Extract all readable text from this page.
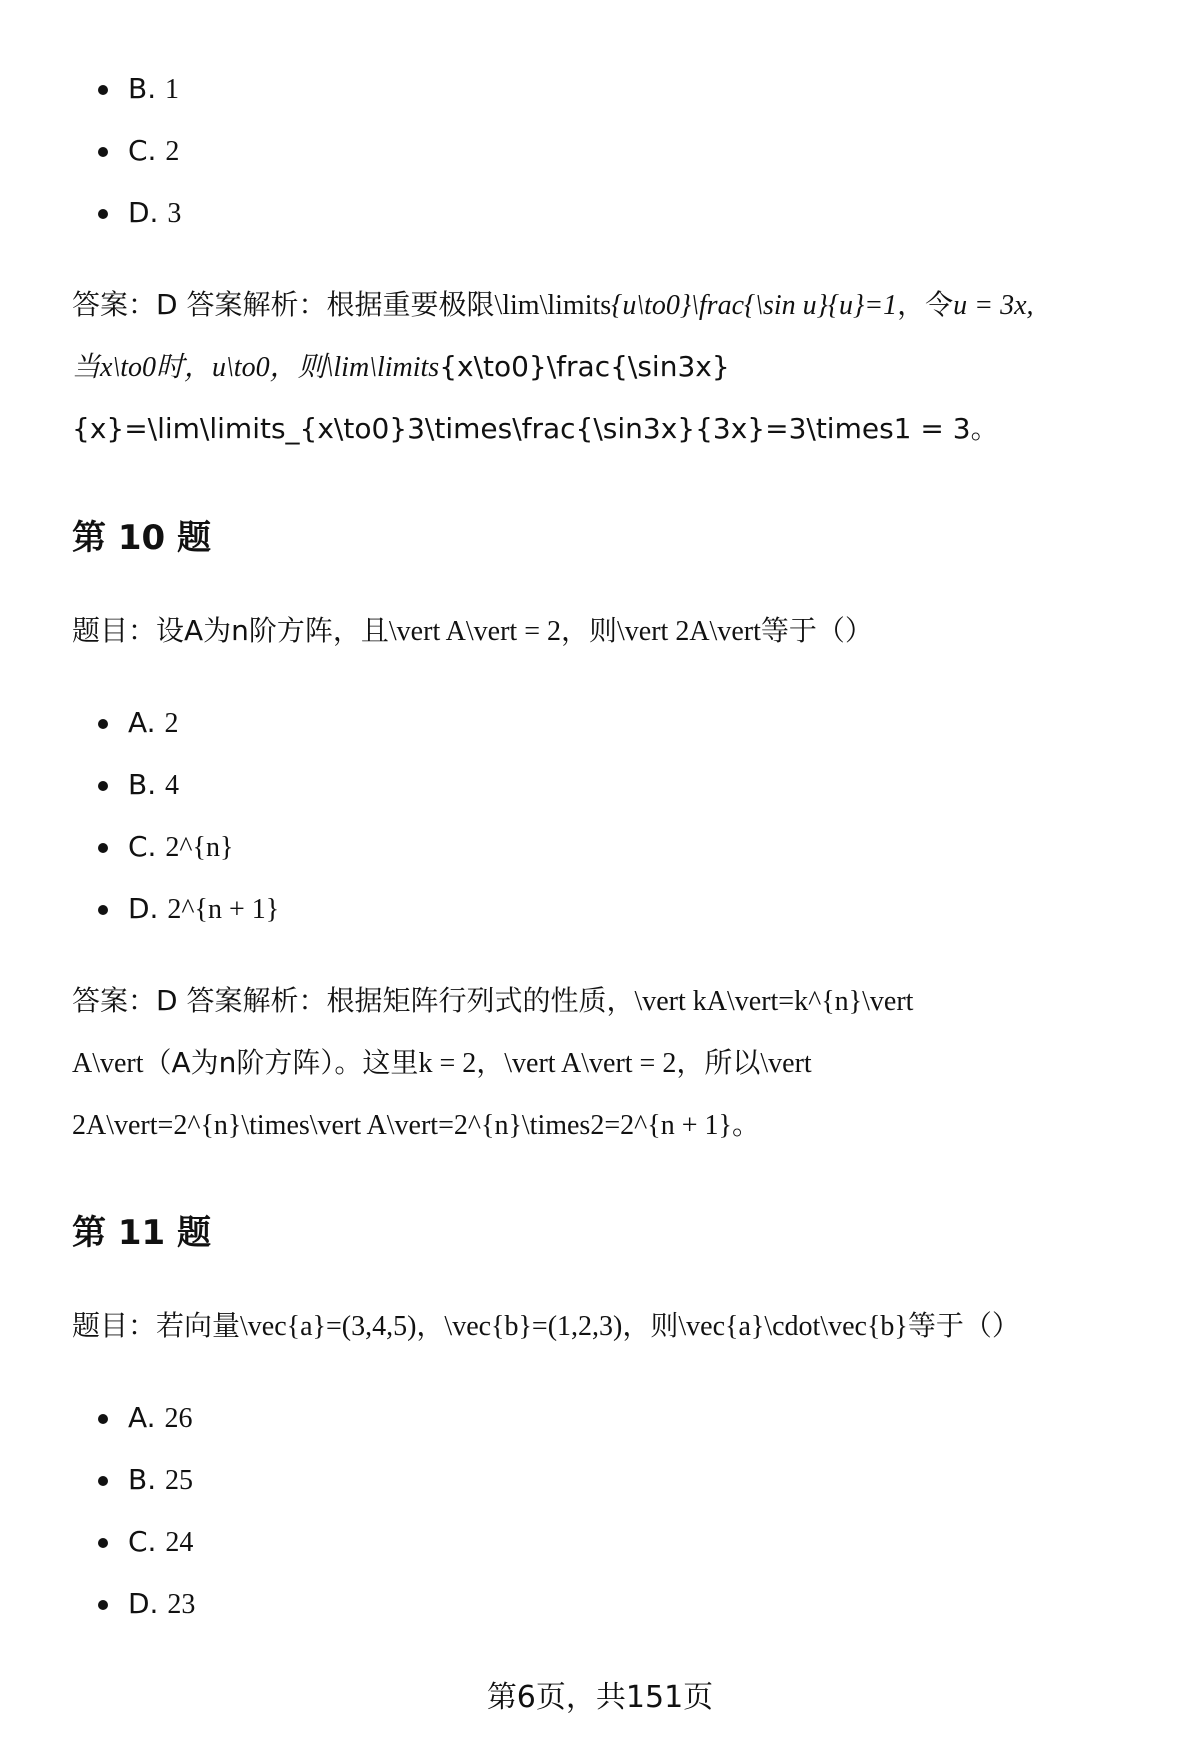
B. 1
C. 2
D. 3
答案：D 答案解析：根据重要极限\lim\limits{u\to0}\frac{\sin u}{u}=1，令u = 3x,
当x\to0时，u\to0，则\lim\limits{x\to0}\frac{\sin3x}
{x}=\lim\limits_{x\to0}3\times\frac{\sin3x}{3x}=3\times1 = 3。
第 10 题
题目：设A为n阶方阵，且\vert A\vert = 2，则\vert 2A\vert等于（）
A. 2
B. 4
C. 2^{n}
D. 2^{n + 1}
答案：D 答案解析：根据矩阵行列式的性质，\vert kA\vert=k^{n}\vert
A\vert（A为n阶方阵）。这里k = 2，\vert A\vert = 2，所以\vert
2A\vert=2^{n}\times\vert A\vert=2^{n}\times2=2^{n + 1}。
第 11 题
题目：若向量\vec{a}=(3,4,5)，\vec{b}=(1,2,3)，则\vec{a}\cdot\vec{b}等于（）
A. 26
B. 25
C. 24
D. 23
第6页，共151页
